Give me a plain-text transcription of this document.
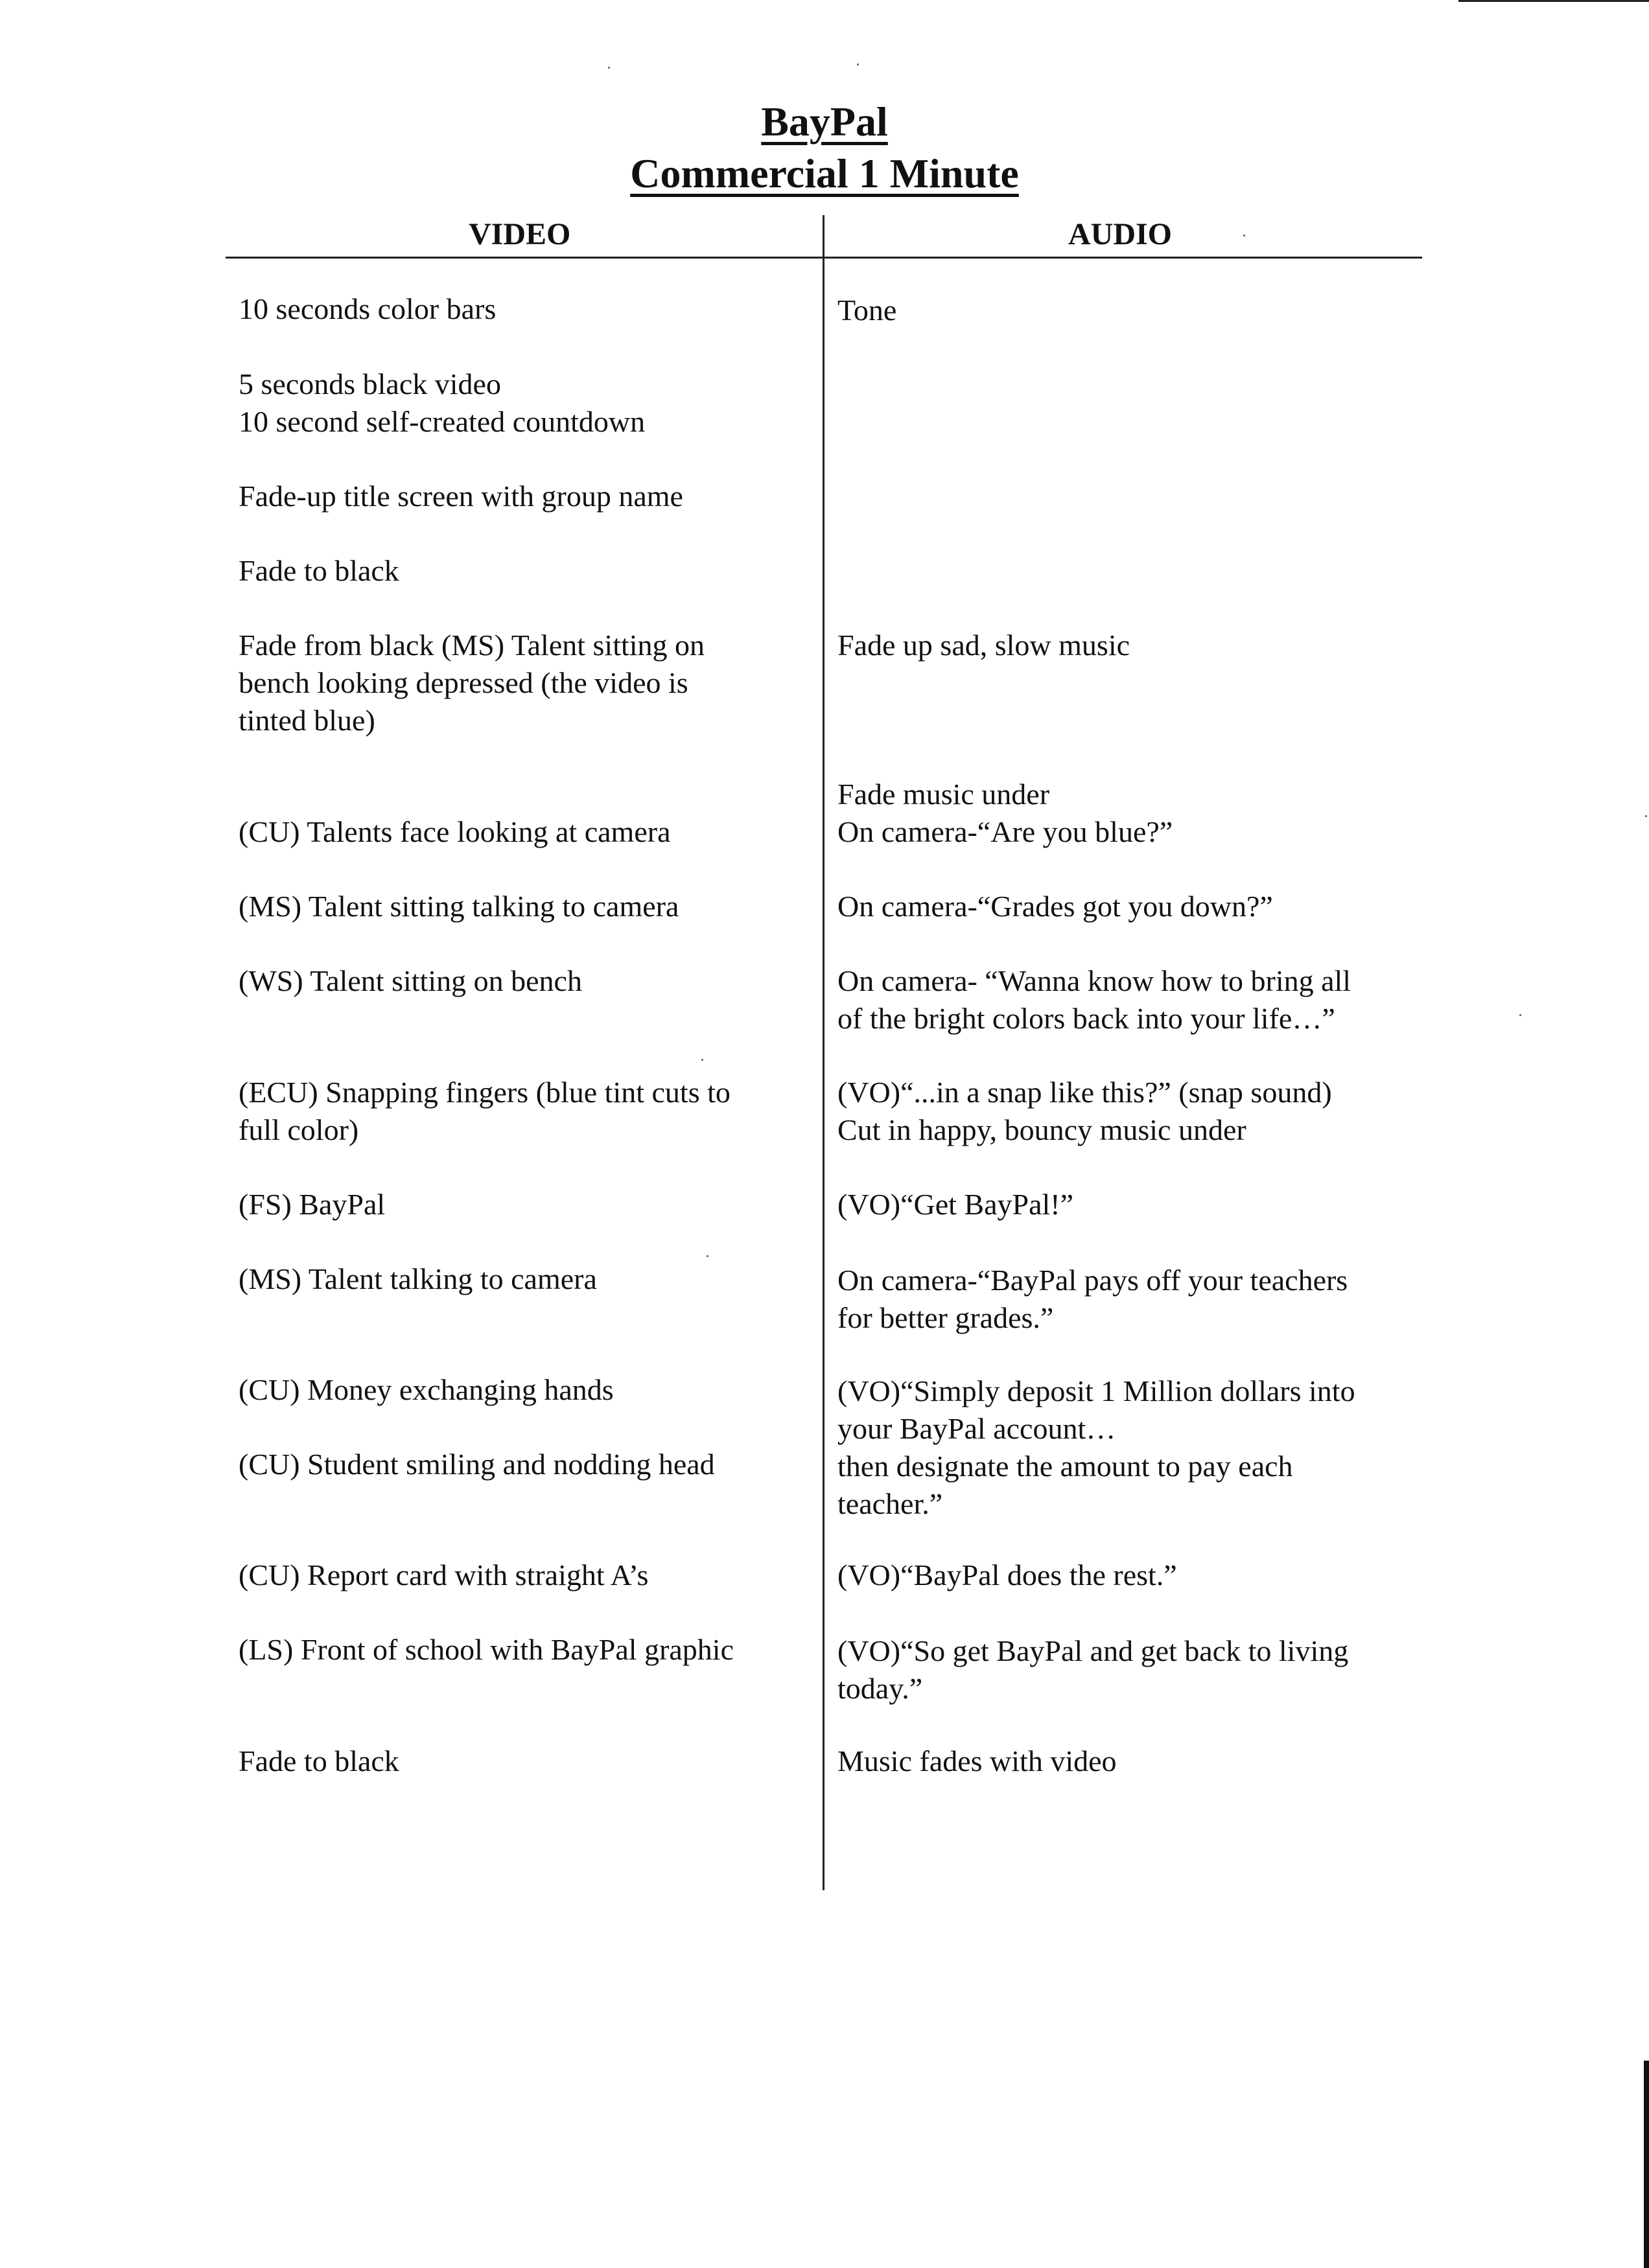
BayPal
Commercial 1 Minute
VIDEO	AUDIO
10 seconds color bars
5 seconds black video
10 second self-created countdown
Fade-up title screen with group name
Fade to black
Fade from black (MS) Talent sitting on
bench looking depressed (the video is
tinted blue)
(CU) Talents face looking at camera
(MS) Talent sitting talking to camera
(WS) Talent sitting on bench
(ECU) Snapping fingers (blue tint cuts to
full color)
(FS) BayPal
(MS) Talent talking to camera
(CU) Money exchanging hands
(CU) Student smiling and nodding head
(CU) Report card with straight A’s
(LS) Front of school with BayPal graphic
Fade to black
Tone
Fade up sad, slow music
Fade music under
On camera-“Are you blue?”
On camera-“Grades got you down?”
On camera- “Wanna know how to bring all
of the bright colors back into your life…”
(VO)“...in a snap like this?” (snap sound)
Cut in happy, bouncy music under
(VO)“Get BayPal!”
On camera-“BayPal pays off your teachers
for better grades.”
(VO)“Simply deposit 1 Million dollars into
your BayPal account…
then designate the amount to pay each
teacher.”
(VO)“BayPal does the rest.”
(VO)“So get BayPal and get back to living
today.”
Music fades with video
